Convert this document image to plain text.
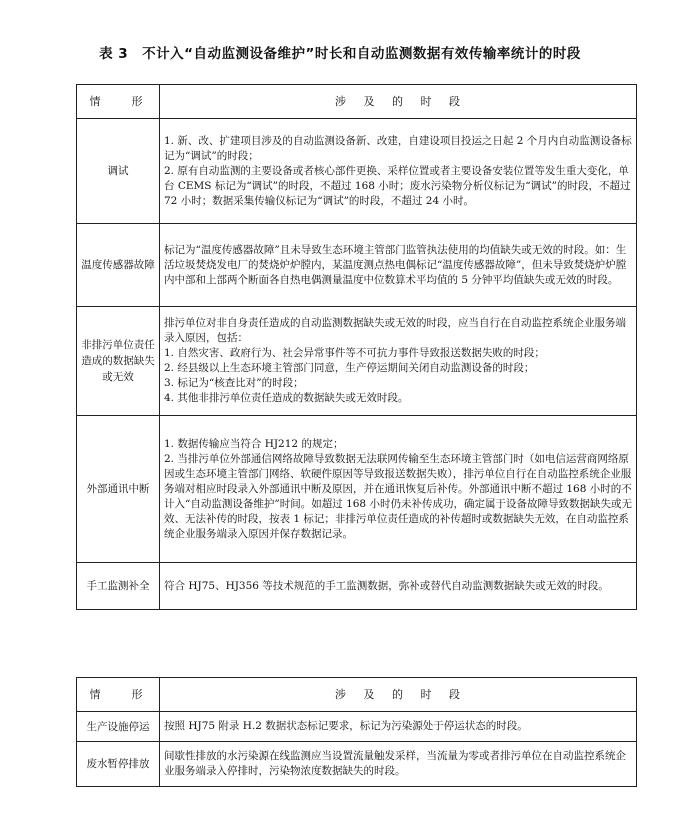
表 3　不计入“自动监测设备维护”时长和自动监测数据有效传输率统计的时段
情　形	涉 及 的 时 段
调试	1. 新、改、扩建项目涉及的自动监测设备新、改建，自建设项目投运之日起 2 个月内自动监测设备标记为“调试”的时段；
2. 原有自动监测的主要设备或者核心部件更换、采样位置或者主要设备安装位置等发生重大变化，单台 CEMS 标记为“调试”的时段，不超过 168 小时；废水污染物分析仪标记为“调试”的时段，不超过 72 小时；数据采集传输仪标记为“调试”的时段，不超过 24 小时。

温度传感器故障	标记为“温度传感器故障”且未导致生态环境主管部门监管执法使用的均值缺失或无效的时段。如：生活垃圾焚烧发电厂的焚烧炉炉膛内，某温度测点热电偶标记“温度传感器故障”，但未导致焚烧炉炉膛内中部和上部两个断面各自热电偶测量温度中位数算术平均值的 5 分钟平均值缺失或无效的时段。

非排污单位责任造成的数据缺失或无效	排污单位对非自身责任造成的自动监测数据缺失或无效的时段，应当自行在自动监控系统企业服务端录入原因，包括：
1. 自然灾害、政府行为、社会异常事件等不可抗力事件导致报送数据失败的时段；
2. 经县级以上生态环境主管部门同意，生产停运期间关闭自动监测设备的时段；
3. 标记为“核查比对”的时段；
4. 其他非排污单位责任造成的数据缺失或无效时段。

外部通讯中断	1. 数据传输应当符合 HJ212 的规定；
2. 当排污单位外部通信网络故障导致数据无法联网传输至生态环境主管部门时（如电信运营商网络原因或生态环境主管部门网络、软硬件原因等导致报送数据失败），排污单位自行在自动监控系统企业服务端对相应时段录入外部通讯中断及原因，并在通讯恢复后补传。外部通讯中断不超过 168 小时的不计入“自动监测设备维护”时间。如超过 168 小时仍未补传成功，确定属于设备故障导致数据缺失或无效、无法补传的时段，按表 1 标记；非排污单位责任造成的补传超时或数据缺失无效，在自动监控系统企业服务端录入原因并保存数据记录。

手工监测补全	符合 HJ75、HJ356 等技术规范的手工监测数据，弥补或替代自动监测数据缺失或无效的时段。
情　形	涉 及 的 时 段
生产设施停运	按照 HJ75 附录 H.2 数据状态标记要求，标记为污染源处于停运状态的时段。

废水暂停排放	间歇性排放的水污染源在线监测应当设置流量触发采样，当流量为零或者排污单位在自动监控系统企业服务端录入停排时，污染物浓度数据缺失的时段。
